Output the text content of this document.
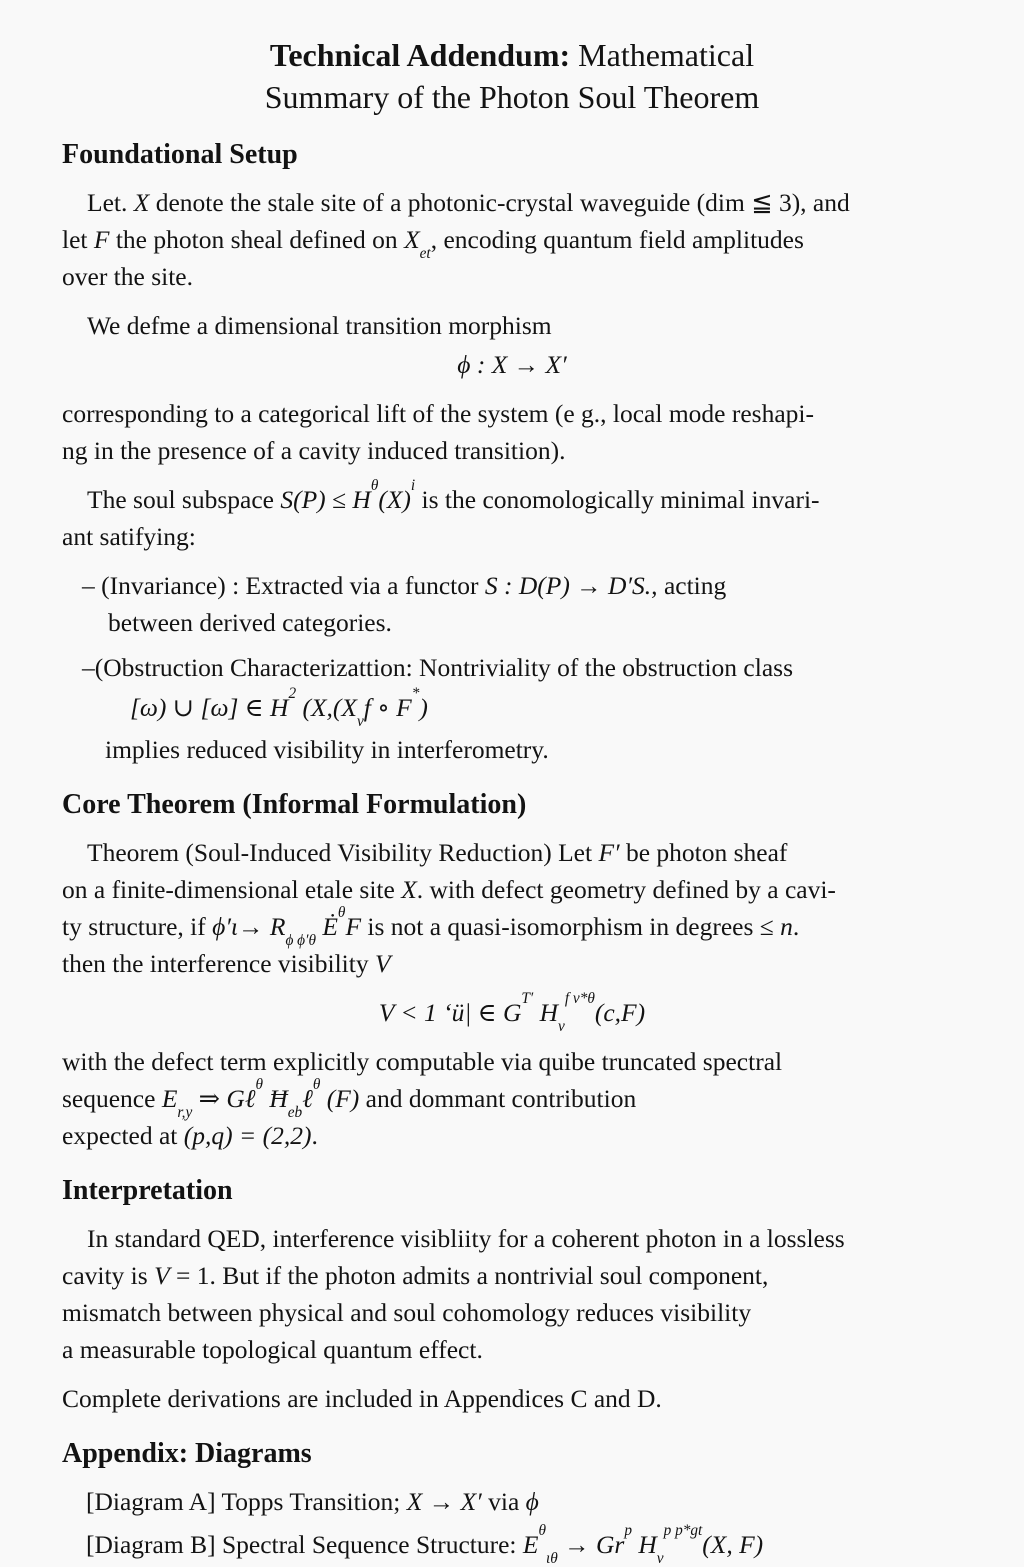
Technical Addendum: Mathematical
Summary of the Photon Soul Theorem
Foundational Setup

Let. X denote the stale site of a photonic-crystal waveguide (dim ≦ 3), and
let F the photon sheal defined on $X_{et}$, encoding quantum field amplitudes
over the site.

We defme a dimensional transition morphism

ϕ : X → X′

corresponding to a categorical lift of the system (e g., local mode reshapi-
ng in the presence of a cavity induced transition).

The soul subspace $S(P) \le H^\theta(X)^i$ is the conomologically minimal invari-
ant satifying:

– (Invariance) : Extracted via a functor S : D(P) → D′S., acting
between derived categories.
–(Obstruction Characterizattion: Nontriviality of the obstruction class
[ω) ∪ [ω] ∈ $H^2$ ($X,(X_vf$ ∘ F*)
implies reduced visibility in interferometry.
Core Theorem (Informal Formulation)

Theorem (Soul-Induced Visibility Reduction) Let F′ be photon sheaf
on a finite-dimensional etale site X. with defect geometry defined by a cavi-
ty structure, if $\phi'\iota\to R_{\phi \phi'\theta}$ $Ė^\theta F$ is not a quasi-isomorphism in degrees ≤ n.
then the interference visibility V

V < 1 ‘ü| ∈ $G^{T'}$ $H_v^{f v*\theta}(c,F)$

with the defect term explicitly computable via quibe truncated spectral
sequence $E_{r,y}$ ⇒ Gℓ$^\theta$ $Ħ_{eb}\ell^\theta$ (F) and dommant contribution
expected at (p,q) = (2,2).

Interpretation

In standard QED, interference visibliity for a coherent photon in a lossless
cavity is V = 1. But if the photon admits a nontrivial soul component,
mismatch between physical and soul cohomology reduces visibility
a measurable topological quantum effect.

Complete derivations are included in Appendices C and D.

Appendix: Diagrams
[Diagram A] Topps Transition; X → X′ via ϕ
[Diagram B] Spectral Sequence Structure: $E^\theta_{\iota\theta} \to Gr^p$ $H_v^{p p*gt}(X$, F)
